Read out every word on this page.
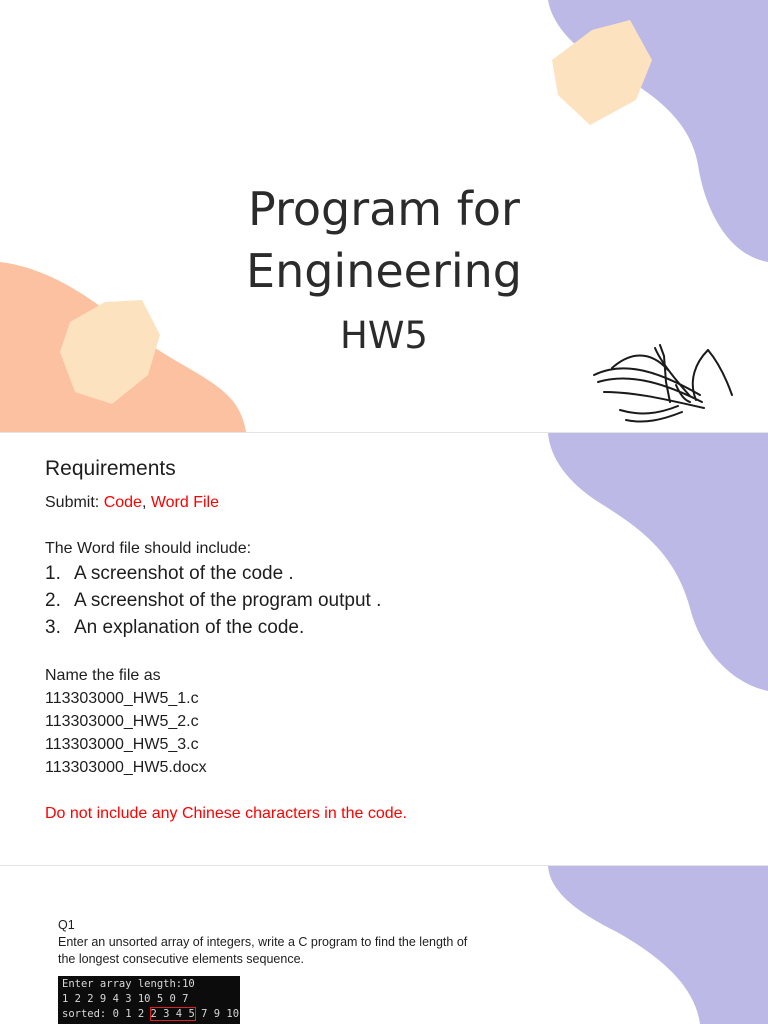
Program for
Engineering
HW5
Requirements
Submit: Code, Word File
The Word file should include:
1. A screenshot of the code .
2. A screenshot of the program output .
3. An explanation of the code.
Name the file as
113303000_HW5_1.c
113303000_HW5_2.c
113303000_HW5_3.c
113303000_HW5.docx
Do not include any Chinese characters in the code.
Q1
Enter an unsorted array of integers, write a C program to find the length of
the longest consecutive elements sequence.
Enter array length:10
1 2 2 9 4 3 10 5 0 7
sorted: 0 1 2 2 3 4 5 7 9 10
